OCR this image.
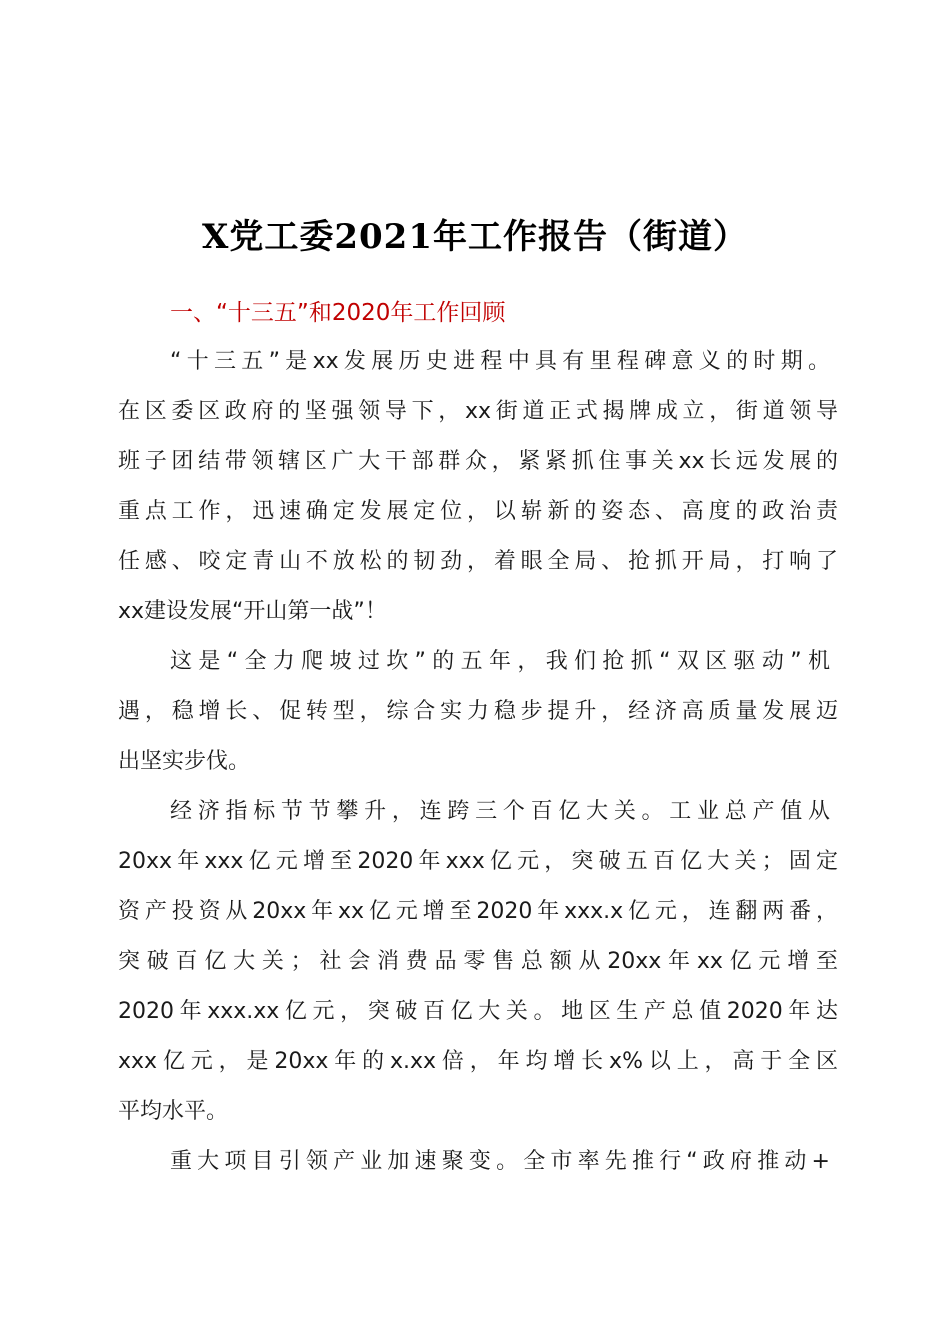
X党工委2021年工作报告（街道）
一、“十三五”和2020年工作回顾
“十三五”是xx发展历史进程中具有里程碑意义的时期。
在区委区政府的坚强领导下，xx街道正式揭牌成立，街道领导
班子团结带领辖区广大干部群众，紧紧抓住事关xx长远发展的
重点工作，迅速确定发展定位，以崭新的姿态、高度的政治责
任感、咬定青山不放松的韧劲，着眼全局、抢抓开局，打响了
xx建设发展“开山第一战”！
这是“全力爬坡过坎”的五年，我们抢抓“双区驱动”机
遇，稳增长、促转型，综合实力稳步提升，经济高质量发展迈
出坚实步伐。
经济指标节节攀升，连跨三个百亿大关。工业总产值从
20xx年xxx亿元增至2020年xxx亿元，突破五百亿大关；固定
资产投资从20xx年xx亿元增至2020年xxx.x亿元，连翻两番，
突破百亿大关；社会消费品零售总额从20xx年xx亿元增至
2020年xxx.xx亿元，突破百亿大关。地区生产总值2020年达
xxx亿元，是20xx年的x.xx倍，年均增长x%以上，高于全区
平均水平。
重大项目引领产业加速聚变。全市率先推行“政府推动+
